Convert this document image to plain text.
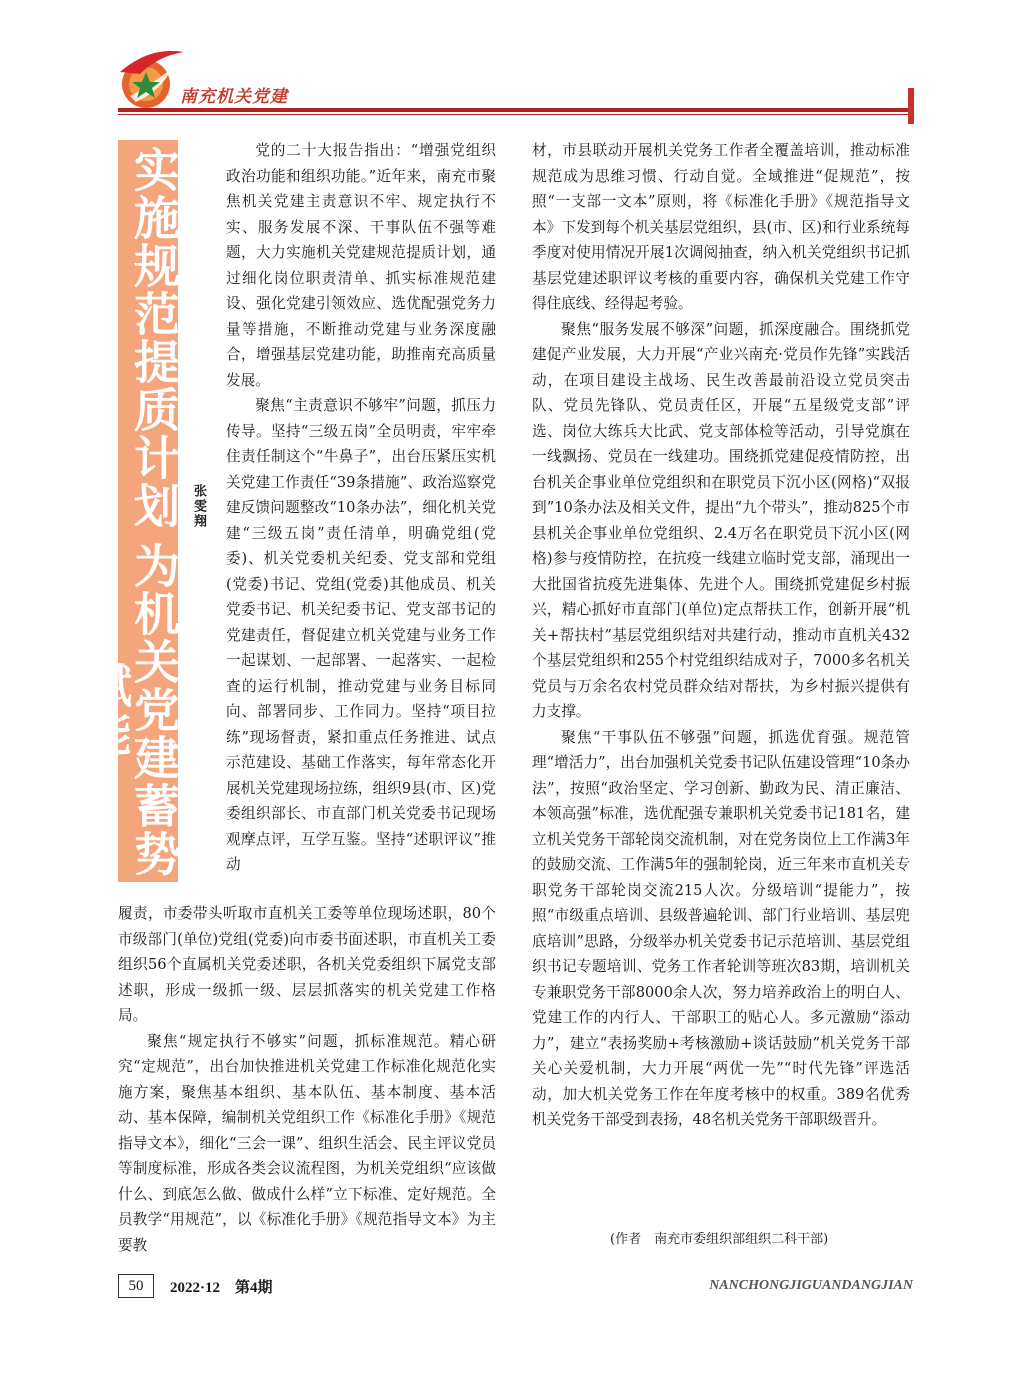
南充机关党建
实施规范提质计划
为机关党建蓄势赋能
张雯翔

党的二十大报告指出：“增强党组织政治功能和组织功能。”近年来，南充市聚焦机关党建主责意识不牢、规定执行不实、服务发展不深、干事队伍不强等难题，大力实施机关党建规范提质计划，通过细化岗位职责清单、抓实标准规范建设、强化党建引领效应、选优配强党务力量等措施，不断推动党建与业务深度融合，增强基层党建功能，助推南充高质量发展。

聚焦“主责意识不够牢”问题，抓压力传导。坚持“三级五岗”全员明责，牢牢牵住责任制这个“牛鼻子”，出台压紧压实机关党建工作责任“39条措施”、政治巡察党建反馈问题整改“10条办法”，细化机关党建“三级五岗”责任清单，明确党组(党委)、机关党委机关纪委、党支部和党组(党委)书记、党组(党委)其他成员、机关党委书记、机关纪委书记、党支部书记的党建责任，督促建立机关党建与业务工作一起谋划、一起部署、一起落实、一起检查的运行机制，推动党建与业务目标同向、部署同步、工作同力。坚持“项目拉练”现场督责，紧扣重点任务推进、试点示范建设、基础工作落实，每年常态化开展机关党建现场拉练，组织9县(市、区)党委组织部长、市直部门机关党委书记现场观摩点评，互学互鉴。坚持“述职评议”推动

履责，市委带头听取市直机关工委等单位现场述职，80个市级部门(单位)党组(党委)向市委书面述职，市直机关工委组织56个直属机关党委述职，各机关党委组织下属党支部述职，形成一级抓一级、层层抓落实的机关党建工作格局。

聚焦“规定执行不够实”问题，抓标准规范。精心研究“定规范”，出台加快推进机关党建工作标准化规范化实施方案，聚焦基本组织、基本队伍、基本制度、基本活动、基本保障，编制机关党组织工作《标准化手册》《规范指导文本》，细化“三会一课”、组织生活会、民主评议党员等制度标准，形成各类会议流程图，为机关党组织“应该做什么、到底怎么做、做成什么样”立下标准、定好规范。全员教学“用规范”，以《标准化手册》《规范指导文本》为主要教

材，市县联动开展机关党务工作者全覆盖培训，推动标准规范成为思维习惯、行动自觉。全域推进“促规范”，按照“一支部一文本”原则，将《标准化手册》《规范指导文本》下发到每个机关基层党组织，县(市、区)和行业系统每季度对使用情况开展1次调阅抽查，纳入机关党组织书记抓基层党建述职评议考核的重要内容，确保机关党建工作守得住底线、经得起考验。

聚焦“服务发展不够深”问题，抓深度融合。围绕抓党建促产业发展，大力开展“产业兴南充·党员作先锋”实践活动，在项目建设主战场、民生改善最前沿设立党员突击队、党员先锋队、党员责任区，开展“五星级党支部”评选、岗位大练兵大比武、党支部体检等活动，引导党旗在一线飘扬、党员在一线建功。围绕抓党建促疫情防控，出台机关企事业单位党组织和在职党员下沉小区(网格)“双报到”10条办法及相关文件，提出“九个带头”，推动825个市县机关企事业单位党组织、2.4万名在职党员下沉小区(网格)参与疫情防控，在抗疫一线建立临时党支部，涌现出一大批国省抗疫先进集体、先进个人。围绕抓党建促乡村振兴，精心抓好市直部门(单位)定点帮扶工作，创新开展“机关+帮扶村”基层党组织结对共建行动，推动市直机关432个基层党组织和255个村党组织结成对子，7000多名机关党员与万余名农村党员群众结对帮扶，为乡村振兴提供有力支撑。

聚焦“干事队伍不够强”问题，抓选优育强。规范管理“增活力”，出台加强机关党委书记队伍建设管理“10条办法”，按照“政治坚定、学习创新、勤政为民、清正廉洁、本领高强”标准，选优配强专兼职机关党委书记181名，建立机关党务干部轮岗交流机制，对在党务岗位上工作满3年的鼓励交流、工作满5年的强制轮岗，近三年来市直机关专职党务干部轮岗交流215人次。分级培训“提能力”，按照“市级重点培训、县级普遍轮训、部门行业培训、基层兜底培训”思路，分级举办机关党委书记示范培训、基层党组织书记专题培训、党务工作者轮训等班次83期，培训机关专兼职党务干部8000余人次，努力培养政治上的明白人、党建工作的内行人、干部职工的贴心人。多元激励“添动力”，建立“表扬奖励+考核激励+谈话鼓励”机关党务干部关心关爱机制，大力开展“两优一先”“时代先锋”评选活动，加大机关党务工作在年度考核中的权重。389名优秀机关党务干部受到表扬，48名机关党务干部职级晋升。

(作者　南充市委组织部组织二科干部)
50	2022·12　第4期	NANCHONGJIGUANDANGJIAN
